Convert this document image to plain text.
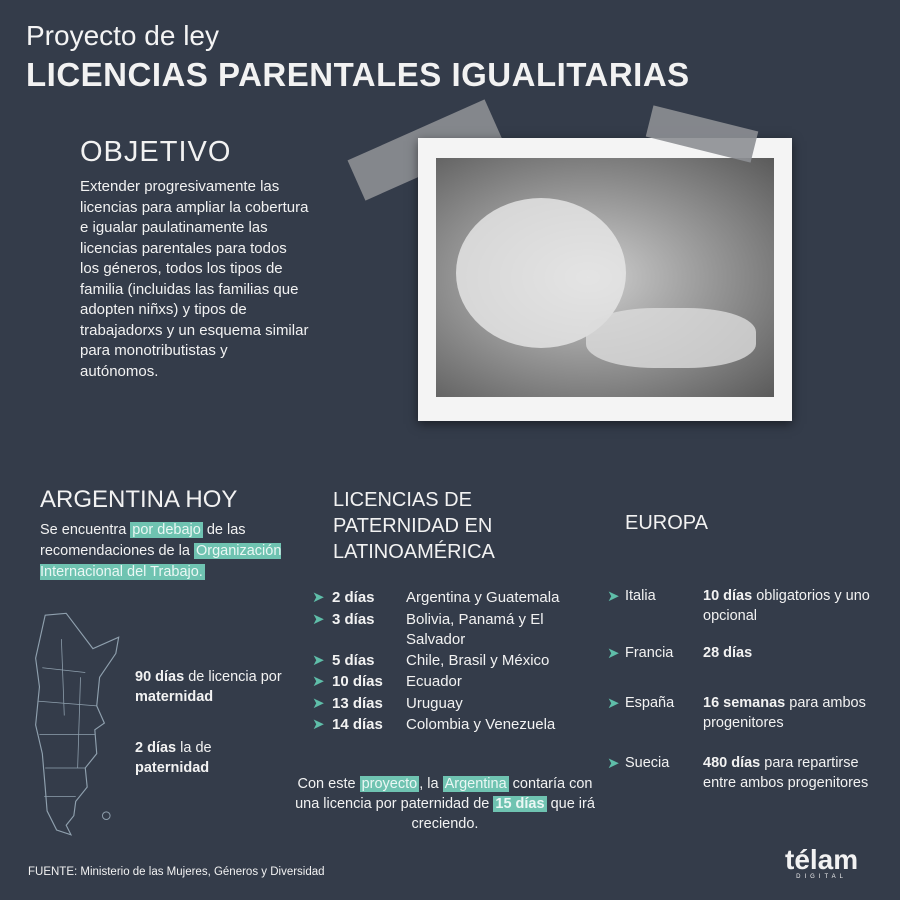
Proyecto de ley
LICENCIAS PARENTALES IGUALITARIAS
OBJETIVO

Extender progresivamente las licencias para ampliar la cobertura e igualar paulatinamente las licencias parentales para todos los géneros, todos los tipos de familia (incluidas las familias que adopten niñxs) y tipos de trabajadorxs y un esquema similar para monotributistas y autónomos.

ARGENTINA HOY

Se encuentra por debajo de las recomendaciones de la Organización Internacional del Trabajo.

90 días de licencia por maternidad

2 días la de paternidad

LICENCIAS DE PATERNIDAD EN LATINOAMÉRICA
➤ 2 días	Argentina y Guatemala
➤ 3 días	Bolivia, Panamá y El Salvador
➤ 5 días	Chile, Brasil y México
➤ 10 días	Ecuador
➤ 13 días	Uruguay
➤ 14 días	Colombia y Venezuela

Con este proyecto , la Argentina contaría con una licencia por paternidad de 15 días que irá creciendo.

EUROPA
➤ Italia	10 días obligatorios y uno opcional
➤ Francia	28 días
➤ España	16 semanas para ambos progenitores
➤ Suecia	480 días para repartirse entre ambos progenitores
FUENTE: Ministerio de las Mujeres, Géneros y Diversidad	télam
DIGITAL
